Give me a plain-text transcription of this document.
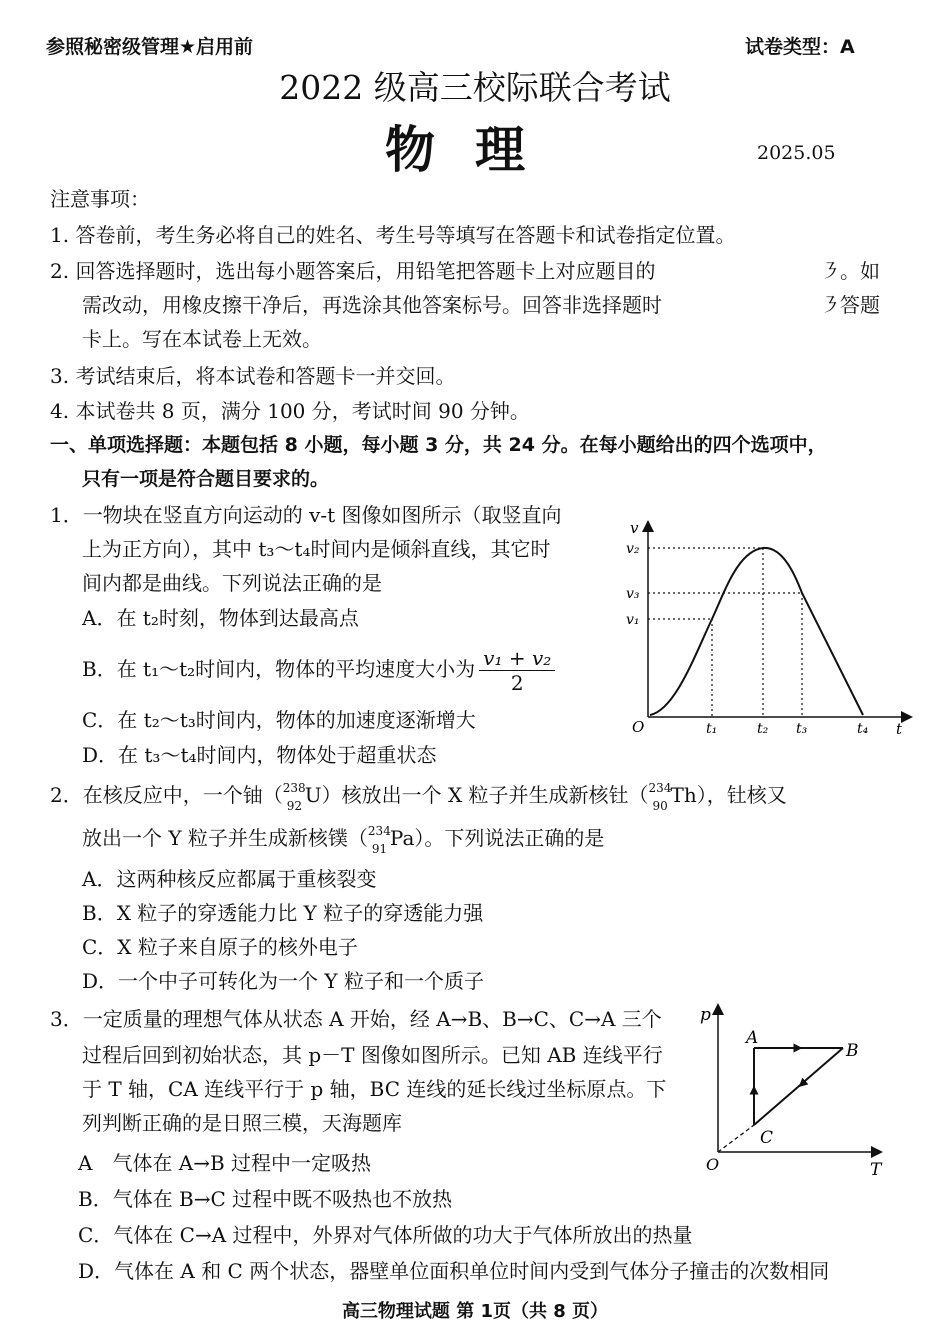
参照秘密级管理★启用前	试卷类型：A
2022 级高三校际联合考试
物理	2025.05
注意事项：
1. 答卷前，考生务必将自己的姓名、考生号等填写在答题卡和试卷指定位置。
2. 回答选择题时，选出每小题答案后，用铅笔把答题卡上对应题目的	㇋。如
需改动，用橡皮擦干净后，再选涂其他答案标号。回答非选择题时	㇋答题
卡上。写在本试卷上无效。
3. 考试结束后，将本试卷和答题卡一并交回。
4. 本试卷共 8 页，满分 100 分，考试时间 90 分钟。
一、单项选择题：本题包括 8 小题，每小题 3 分，共 24 分。在每小题给出的四个选项中，
只有一项是符合题目要求的。
1．一物块在竖直方向运动的 v-t 图像如图所示（取竖直向
上为正方向），其中 t₃～t₄时间内是倾斜直线，其它时
间内都是曲线。下列说法正确的是
A．在 t₂时刻，物体到达最高点
B．在 t₁～t₂时间内，物体的平均速度大小为 $\frac{\text{v₁ + v₂}}{2}$
C．在 t₂～t₃时间内，物体的加速度逐渐增大
D．在 t₃～t₄时间内，物体处于超重状态
v
t
O
v₂
v₃
v₁
t₁	t₂ t₃	t₄
2．在核反应中，一个铀（ 238
92 U）核放出一个 X 粒子并生成新核钍（ 234
90 Th），钍核又
放出一个 Y 粒子并生成新核镤（ 234
91 Pa）。下列说法正确的是
A．这两种核反应都属于重核裂变
B．X 粒子的穿透能力比 Y 粒子的穿透能力强
C．X 粒子来自原子的核外电子
D．一个中子可转化为一个 Y 粒子和一个质子
3．一定质量的理想气体从状态 A 开始，经 A→B、B→C、C→A 三个
过程后回到初始状态，其 p－T 图像如图所示。已知 AB 连线平行
于 T 轴，CA 连线平行于 p 轴，BC 连线的延长线过坐标原点。下
列判断正确的是日照三模，天海题库
A　气体在 A→B 过程中一定吸热
B．气体在 B→C 过程中既不吸热也不放热
C．气体在 C→A 过程中，外界对气体所做的功大于气体所放出的热量
D．气体在 A 和 C 两个状态，器壁单位面积单位时间内受到气体分子撞击的次数相同
p
T
O
A
B
C
高三物理试题 第 1页（共 8 页）
